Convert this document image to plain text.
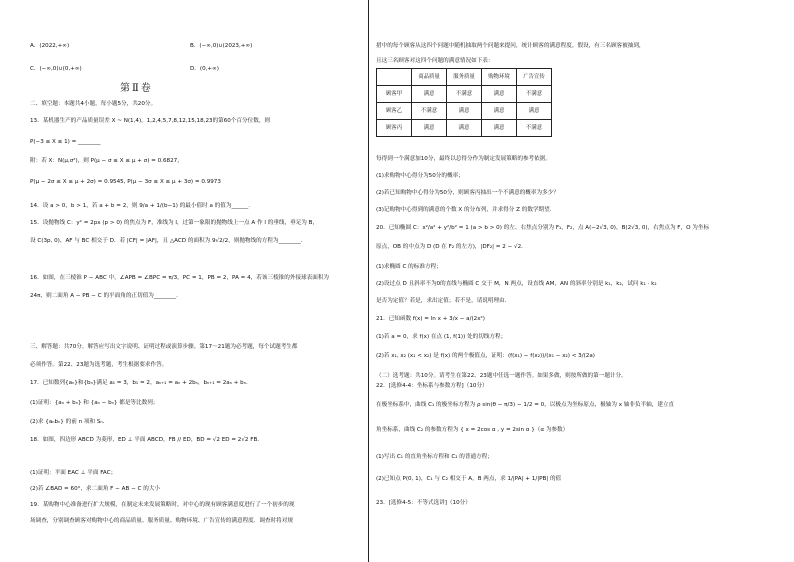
A．(2022,+∞)	B．(−∞,0)∪(2023,+∞)
C．(−∞,0)∪(0,+∞)	D．(0,+∞)
第Ⅱ卷
二、填空题：本题共4小题，每小题5分，共20分。
13．某机器生产的产品质量误差 X ~ N(1,4)，1,2,4,5,7,8,12,15,18,23的第60个百分位数，则
P(−3 ≤ X ≤ 1) = ________
附：若 X：N(μ,σ²)，则 P(μ − σ ≤ X ≤ μ + σ) = 0.6827，
P(μ − 2σ ≤ X ≤ μ + 2σ) = 0.9545, P(μ − 3σ ≤ X ≤ μ + 3σ) = 0.9973
14．设 a > 0，b > 1，若 a + b = 2，则 9/a + 1/(b−1) 的最小值时 a 的值为______.
15．设抛物线 C：y² = 2px (p > 0) 的焦点为 F，准线为 l，过第一象限的抛物线上一点 A 作 l 的垂线，垂足为 B，
设 C(3p, 0)，AF 与 BC 相交于 D．若 |CF| = |AF|，且 △ACD 的面积为 9√2/2，则抛物线的方程为________.
16．如图，在三棱锥 P − ABC 中，∠APB = ∠BPC = π/3，PC = 1，PB = 2，PA = 4，若该三棱锥的外接球表面积为
24π，则二面角 A − PB − C 的平面角的正切值为________.
三、解答题：共70分。解答应写出文字说明、证明过程或演算步骤。第17～21题为必考题，每个试题考生都
必须作答。第22、23题为选考题，考生根据要求作答。
17．已知数列{aₙ}和{bₙ}满足 a₁ = 3，b₁ = 2，aₙ₊₁ = aₙ + 2bₙ，bₙ₊₁ = 2aₙ + bₙ．
(1)证明：{aₙ + bₙ} 和 {aₙ − bₙ} 都是等比数列；
(2)求 {aₙbₙ} 的前 n 项和 Sₙ．
18．如图，四边形 ABCD 为菱形，ED ⊥ 平面 ABCD，FB // ED，BD = √2 ED = 2√2 FB．
(1)证明：平面 EAC ⊥ 平面 FAC；
(2)若 ∠BAD = 60°，求二面角 F − AB − C 的大小
19．某购物中心准备进行扩大规模，在制定未来发展策略时，对中心的现有顾客满意度进行了一个初步的现
场调查，分别调查顾客对购物中心的商品质量、服务质量、购物环境、广告宣传的满意程度．调查时将对规
措中的每个顾客从这四个问题中随机抽取两个问题来提问，统计顾客的满意程度。假设，有三名顾客被抽到，
且这三名顾客对这四个问题的满意情况如下表：
	商品质量	服务质量	购物环境	广告宣传
顾客甲	满意	不满意	满意	不满意
顾客乙	不满意	满意	满意	满意
顾客丙	满意	满意	满意	不满意
每得到一个满意加10分，最终以总得分作为制定发展策略的参考依据。
(1)求购物中心得分为50分的概率；
(2)若已知购物中心得分为50分，则顾客丙抽出一个不满意的概率为多少？
(3)记购物中心得到的满意的个数 X 的分布列，并求得分 Z 的数学期望．
20．已知椭圆 C：x²/a² + y²/b² = 1 (a > b > 0) 的左、右焦点分别为 F₁，F₂，点 A(−2√3, 0)，B(2√3, 0)，右焦点为 F，O 为坐标
原点，OB 的中点为 D (D 在 F₂ 的左方)，|DF₂| = 2 − √2．
(1)求椭圆 C 的标准方程；
(2)设过点 D 且斜率不为0的直线与椭圆 C 交于 M，N 两点，设直线 AM，AN 的斜率分别是 k₁，k₂，试问 k₁ · k₂
是否为定值？若是，求出定值；若不是，请说明理由．
21．已知函数 f(x) = ln x + 3/x − a/(2x²)
(1)若 a = 0，求 f(x) 在点 (1, f(1)) 处的切线方程；
(2)若 x₁, x₂ (x₁ < x₂) 是 f(x) 的两个极值点，证明：(f(x₁) − f(x₂))/(x₁ − x₂) < 3/(2a)
（二）选考题：共10分。请考生在第22、23题中任选一题作答。如果多做，则按所做的第一题计分。
22．[选修4-4：坐标系与参数方程]（10分）
在极坐标系中，曲线 C₁ 的极坐标方程为 ρ sin(θ − π/3) − 1/2 = 0，以极点为坐标原点，极轴为 x 轴非负半轴，建立直
角坐标系，曲线 C₂ 的参数方程为 { x = 2cos α , y = 2sin α }（α 为参数）
(1)写出 C₁ 的直角坐标方程和 C₂ 的普通方程；
(2)已知点 P(0, 1)，C₁ 与 C₂ 相交于 A，B 两点，求 1/|PA| + 1/|PB| 的值
23．[选修4-5：不等式选讲]（10分）
